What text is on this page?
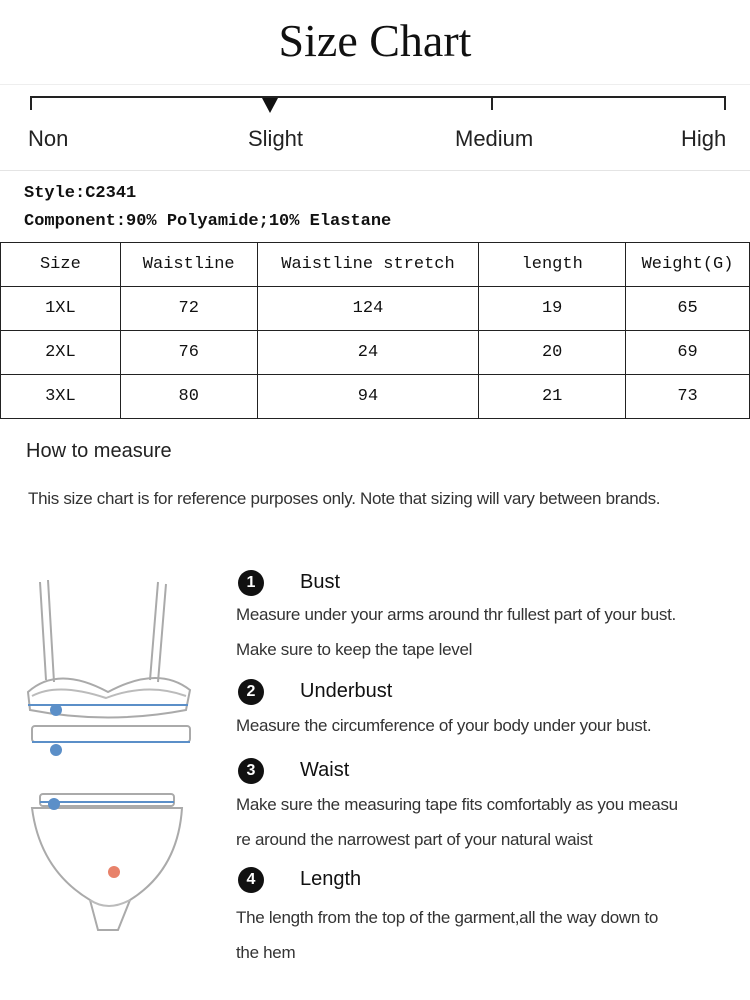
Size Chart
Non	Slight	Medium	High
Style:C2341
Component:90% Polyamide;10% Elastane
Size	Waistline	Waistline stretch	length	Weight(G)
1XL	72	124	19	65
2XL	76	24	20	69
3XL	80	94	21	73
How to measure
This size chart is for reference purposes only. Note that sizing will vary between brands.
1	Bust
Measure under your arms around thr fullest part of your bust.
Make sure to keep the tape level
2	Underbust
Measure the circumference of your body under your bust.
3	Waist
Make sure the measuring tape fits comfortably as you measu
re around the narrowest part of your natural waist
4	Length
The length from the top of the garment,all the way down to
the hem
